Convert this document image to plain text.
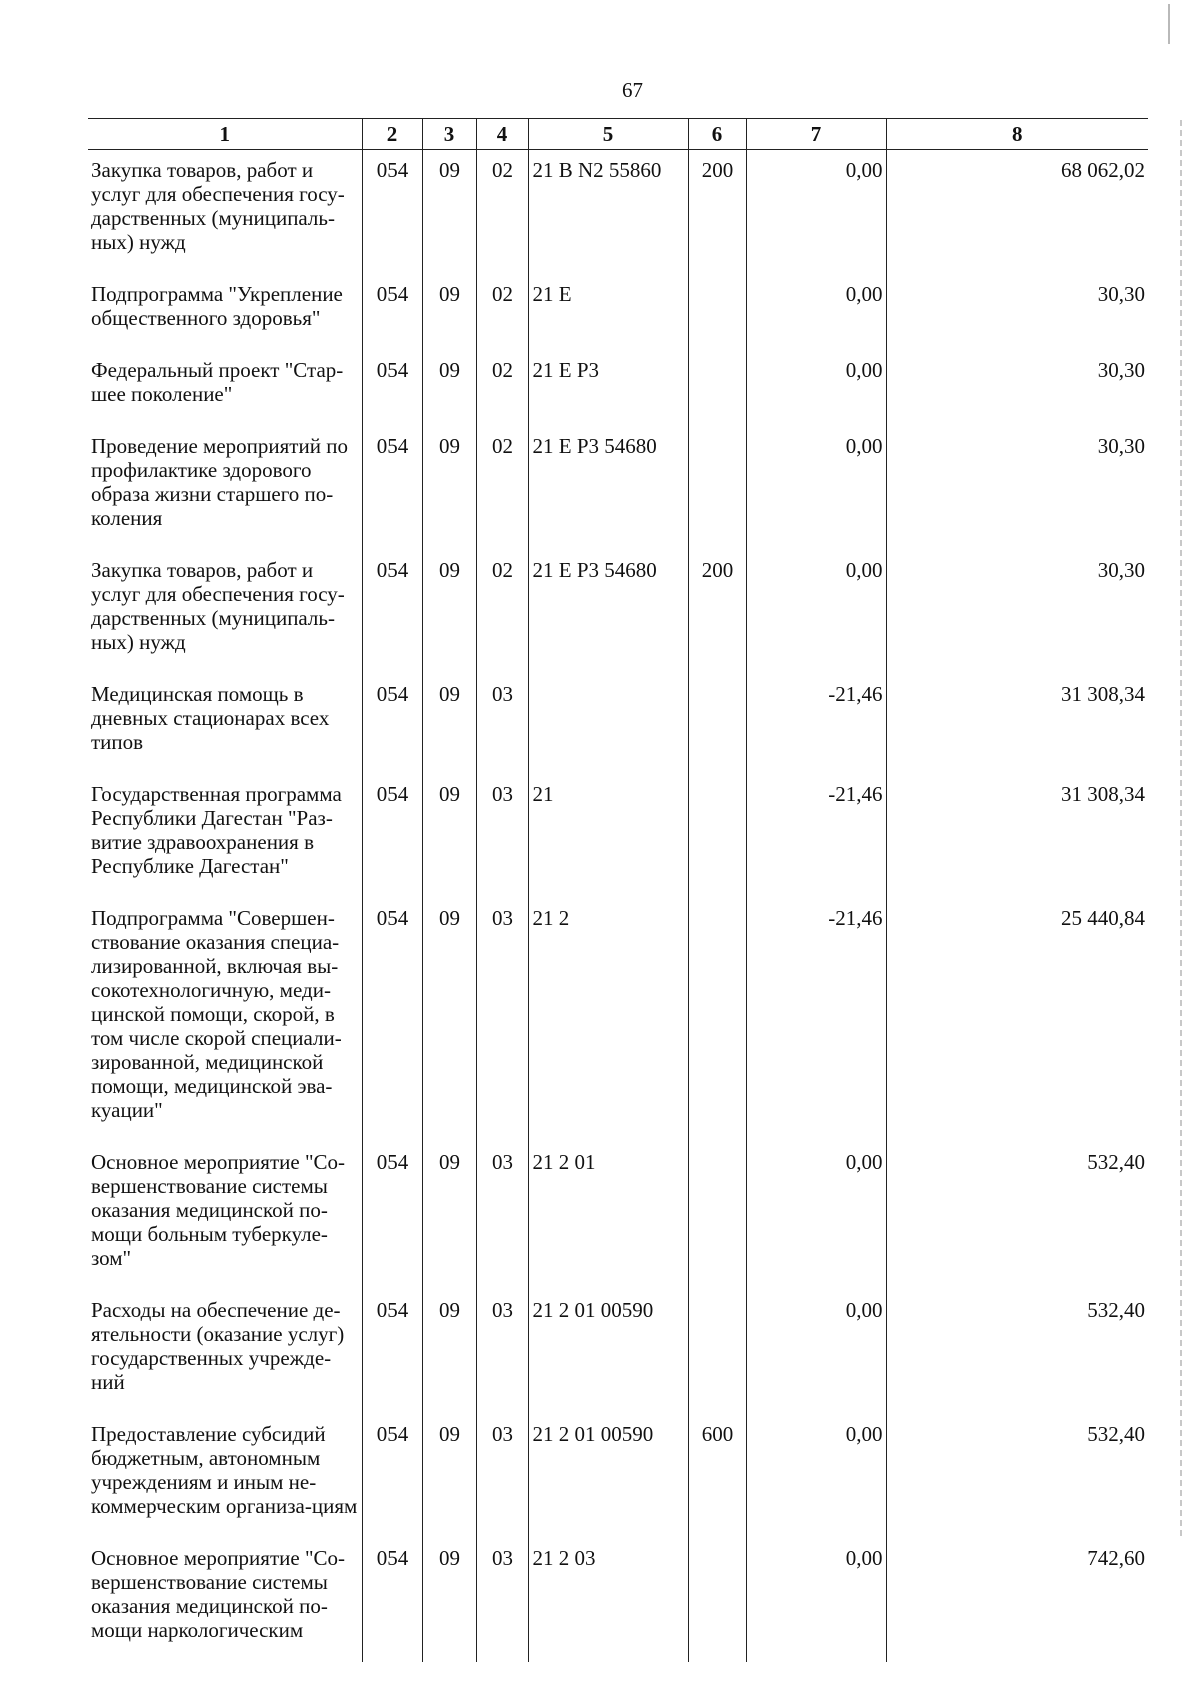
67
1	2	3	4	5	6	7	8
Закупка товаров, работ и услуг для обеспечения госу-дарственных (муниципаль-ных) нужд	054	09	02	21 В N2 55860	200	0,00	68 062,02
Подпрограмма "Укрепление общественного здоровья"	054	09	02	21 Е		0,00	30,30
Федеральный проект "Стар-шее поколение"	054	09	02	21 Е Р3		0,00	30,30
Проведение мероприятий по профилактике здорового образа жизни старшего по-коления	054	09	02	21 Е Р3 54680		0,00	30,30
Закупка товаров, работ и услуг для обеспечения госу-дарственных (муниципаль-ных) нужд	054	09	02	21 Е Р3 54680	200	0,00	30,30
Медицинская помощь в дневных стационарах всех типов	054	09	03			-21,46	31 308,34
Государственная программа Республики Дагестан "Раз-витие здравоохранения в Республике Дагестан"	054	09	03	21		-21,46	31 308,34
Подпрограмма "Совершен-ствование оказания специа-лизированной, включая вы-сокотехнологичную, меди-цинской помощи, скорой, в том числе скорой специали-зированной, медицинской помощи, медицинской эва-куации"	054	09	03	21 2		-21,46	25 440,84
Основное мероприятие "Со-вершенствование системы оказания медицинской по-мощи больным туберкуле-зом"	054	09	03	21 2 01		0,00	532,40
Расходы на обеспечение де-ятельности (оказание услуг) государственных учрежде-ний	054	09	03	21 2 01 00590		0,00	532,40
Предоставление субсидий бюджетным, автономным учреждениям и иным не-коммерческим организа-циям	054	09	03	21 2 01 00590	600	0,00	532,40
Основное мероприятие "Со-вершенствование системы оказания медицинской по-мощи наркологическим	054	09	03	21 2 03		0,00	742,60
